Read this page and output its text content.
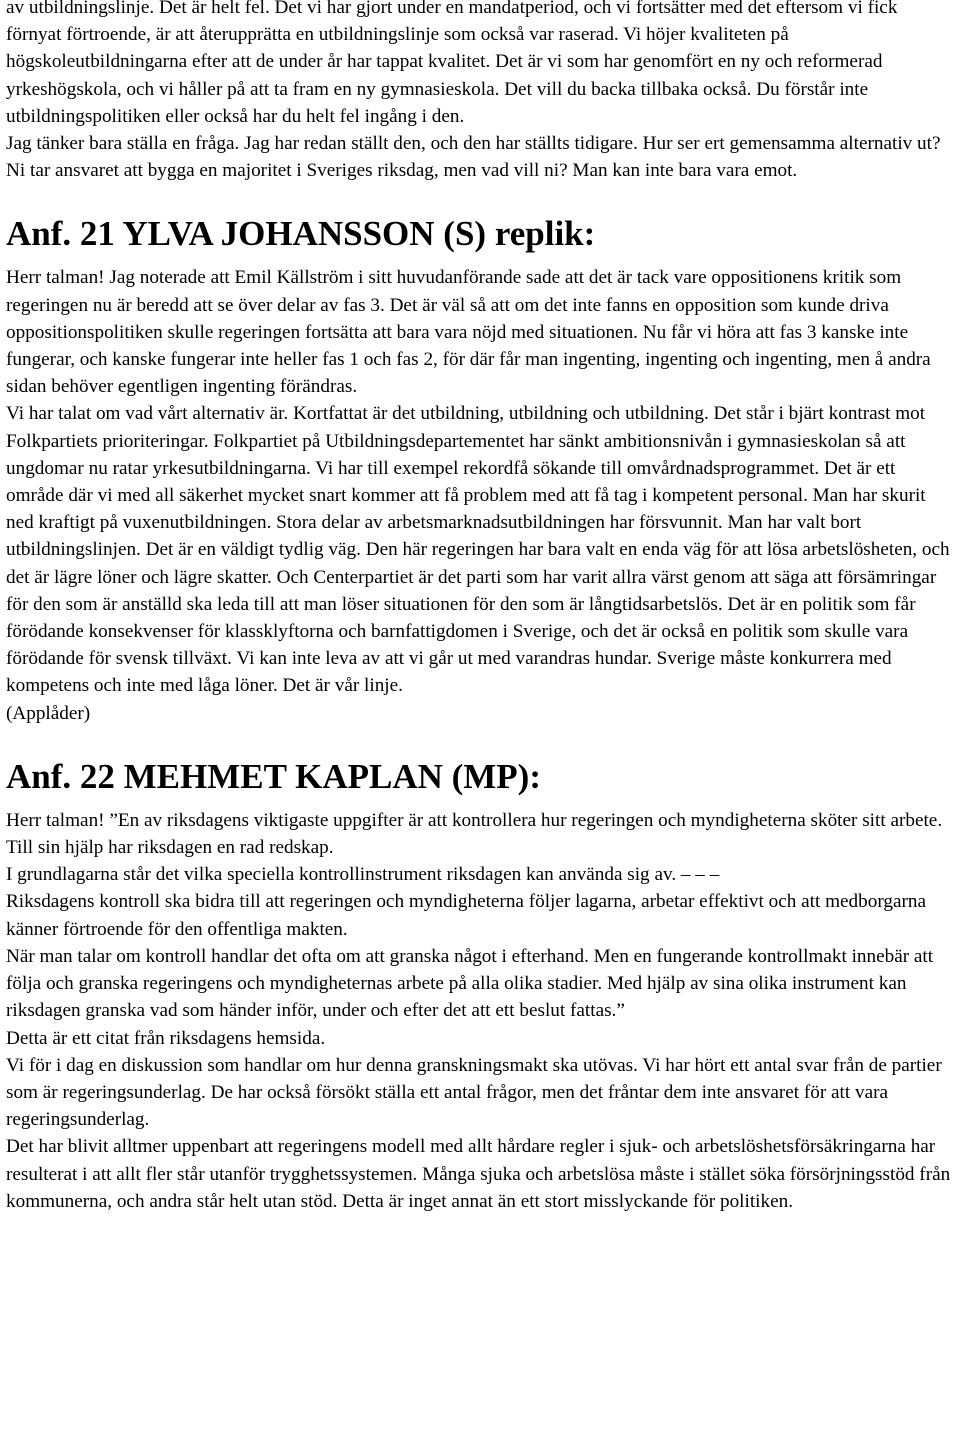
av utbildningslinje. Det är helt fel. Det vi har gjort under en mandatperiod, och vi fortsätter med det eftersom vi fick förnyat förtroende, är att återupprätta en utbildningslinje som också var raserad. Vi höjer kvaliteten på högskoleutbildningarna efter att de under år har tappat kvalitet. Det är vi som har genomfört en ny och reformerad yrkeshögskola, och vi håller på att ta fram en ny gymnasieskola. Det vill du backa tillbaka också. Du förstår inte utbildningspolitiken eller också har du helt fel ingång i den.

Jag tänker bara ställa en fråga. Jag har redan ställt den, och den har ställts tidigare. Hur ser ert gemensamma alternativ ut? Ni tar ansvaret att bygga en majoritet i Sveriges riksdag, men vad vill ni? Man kan inte bara vara emot.

Anf. 21 YLVA JOHANSSON (S) replik:

Herr talman! Jag noterade att Emil Källström i sitt huvudanförande sade att det är tack vare oppositionens kritik som regeringen nu är beredd att se över delar av fas 3. Det är väl så att om det inte fanns en opposition som kunde driva oppositionspolitiken skulle regeringen fortsätta att bara vara nöjd med situationen. Nu får vi höra att fas 3 kanske inte fungerar, och kanske fungerar inte heller fas 1 och fas 2, för där får man ingenting, ingenting och ingenting, men å andra sidan behöver egentligen ingenting förändras.

Vi har talat om vad vårt alternativ är. Kortfattat är det utbildning, utbildning och utbildning. Det står i bjärt kontrast mot Folkpartiets prioriteringar. Folkpartiet på Utbildningsdepartementet har sänkt ambitionsnivån i gymnasieskolan så att ungdomar nu ratar yrkesutbildningarna. Vi har till exempel rekordfå sökande till omvårdnadsprogrammet. Det är ett område där vi med all säkerhet mycket snart kommer att få problem med att få tag i kompetent personal. Man har skurit ned kraftigt på vuxenutbildningen. Stora delar av arbetsmarknadsutbildningen har försvunnit. Man har valt bort utbildningslinjen. Det är en väldigt tydlig väg. Den här regeringen har bara valt en enda väg för att lösa arbetslösheten, och det är lägre löner och lägre skatter. Och Centerpartiet är det parti som har varit allra värst genom att säga att försämringar för den som är anställd ska leda till att man löser situationen för den som är långtidsarbetslös. Det är en politik som får förödande konsekvenser för klassklyftorna och barnfattigdomen i Sverige, och det är också en politik som skulle vara förödande för svensk tillväxt. Vi kan inte leva av att vi går ut med varandras hundar. Sverige måste konkurrera med kompetens och inte med låga löner. Det är vår linje.

(Applåder)

Anf. 22 MEHMET KAPLAN (MP):

Herr talman! ”En av riksdagens viktigaste uppgifter är att kontrollera hur regeringen och myndigheterna sköter sitt arbete. Till sin hjälp har riksdagen en rad redskap.

I grundlagarna står det vilka speciella kontrollinstrument riksdagen kan använda sig av. – – –

Riksdagens kontroll ska bidra till att regeringen och myndigheterna följer lagarna, arbetar effektivt och att medborgarna känner förtroende för den offentliga makten.

När man talar om kontroll handlar det ofta om att granska något i efterhand. Men en fungerande kontrollmakt innebär att följa och granska regeringens och myndigheternas arbete på alla olika stadier. Med hjälp av sina olika instrument kan riksdagen granska vad som händer inför, under och efter det att ett beslut fattas.”

Detta är ett citat från riksdagens hemsida.

Vi för i dag en diskussion som handlar om hur denna granskningsmakt ska utövas. Vi har hört ett antal svar från de partier som är regeringsunderlag. De har också försökt ställa ett antal frågor, men det fråntar dem inte ansvaret för att vara regeringsunderlag.

Det har blivit alltmer uppenbart att regeringens modell med allt hårdare regler i sjuk- och arbetslöshetsförsäkringarna har resulterat i att allt fler står utanför trygghetssystemen. Många sjuka och arbetslösa måste i stället söka försörjningsstöd från kommunerna, och andra står helt utan stöd. Detta är inget annat än ett stort misslyckande för politiken.
